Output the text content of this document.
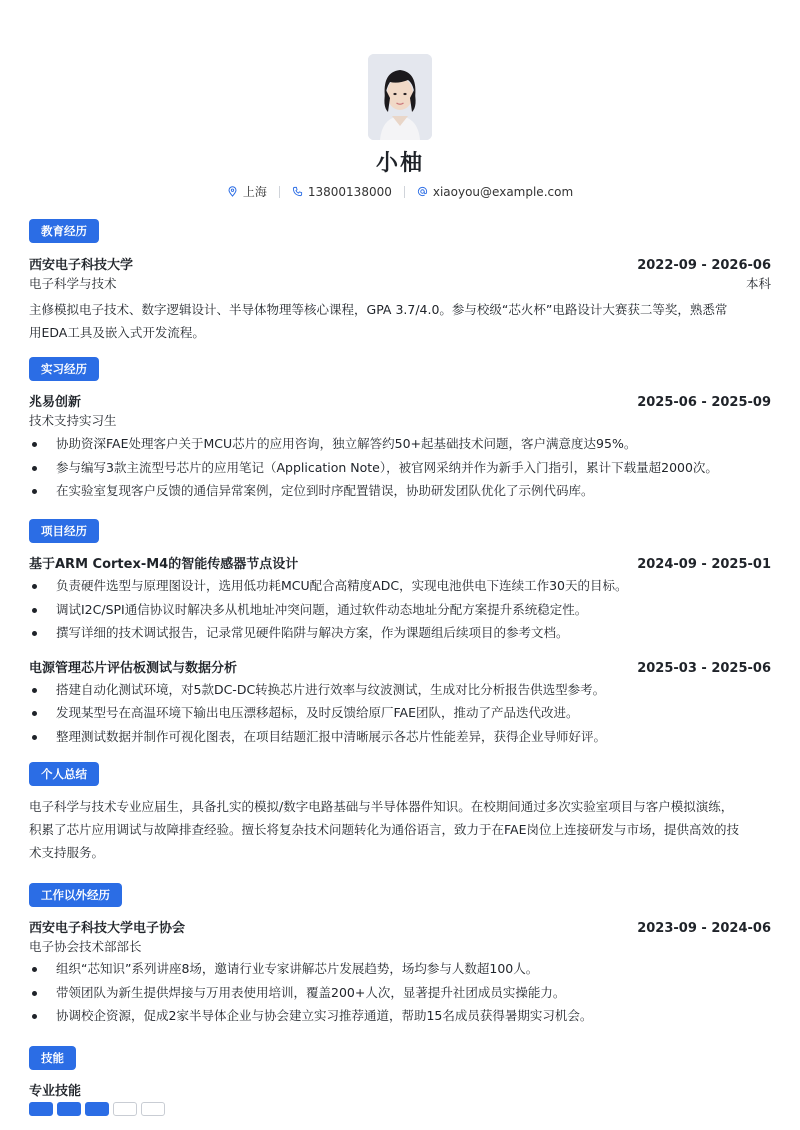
小柚
上海	13800138000	xiaoyou@example.com
教育经历
西安电子科技大学	2022-09 - 2026-06
电子科学与技术	本科
主修模拟电子技术、数字逻辑设计、半导体物理等核心课程，GPA 3.7/4.0。参与校级“芯火杯”电路设计大赛获二等奖，熟悉常
用EDA工具及嵌入式开发流程。
实习经历
兆易创新	2025-06 - 2025-09
技术支持实习生
协助资深FAE处理客户关于MCU芯片的应用咨询，独立解答约50+起基础技术问题，客户满意度达95%。
参与编写3款主流型号芯片的应用笔记（Application Note），被官网采纳并作为新手入门指引，累计下载量超2000次。
在实验室复现客户反馈的通信异常案例，定位到时序配置错误，协助研发团队优化了示例代码库。
项目经历
基于ARM Cortex-M4的智能传感器节点设计	2024-09 - 2025-01
负责硬件选型与原理图设计，选用低功耗MCU配合高精度ADC，实现电池供电下连续工作30天的目标。
调试I2C/SPI通信协议时解决多从机地址冲突问题，通过软件动态地址分配方案提升系统稳定性。
撰写详细的技术调试报告，记录常见硬件陷阱与解决方案，作为课题组后续项目的参考文档。
电源管理芯片评估板测试与数据分析	2025-03 - 2025-06
搭建自动化测试环境，对5款DC-DC转换芯片进行效率与纹波测试，生成对比分析报告供选型参考。
发现某型号在高温环境下输出电压漂移超标，及时反馈给原厂FAE团队，推动了产品迭代改进。
整理测试数据并制作可视化图表，在项目结题汇报中清晰展示各芯片性能差异，获得企业导师好评。
个人总结
电子科学与技术专业应届生，具备扎实的模拟/数字电路基础与半导体器件知识。在校期间通过多次实验室项目与客户模拟演练，
积累了芯片应用调试与故障排查经验。擅长将复杂技术问题转化为通俗语言，致力于在FAE岗位上连接研发与市场，提供高效的技
术支持服务。
工作以外经历
西安电子科技大学电子协会	2023-09 - 2024-06
电子协会技术部部长
组织“芯知识”系列讲座8场，邀请行业专家讲解芯片发展趋势，场均参与人数超100人。
带领团队为新生提供焊接与万用表使用培训，覆盖200+人次，显著提升社团成员实操能力。
协调校企资源，促成2家半导体企业与协会建立实习推荐通道，帮助15名成员获得暑期实习机会。
技能
专业技能
